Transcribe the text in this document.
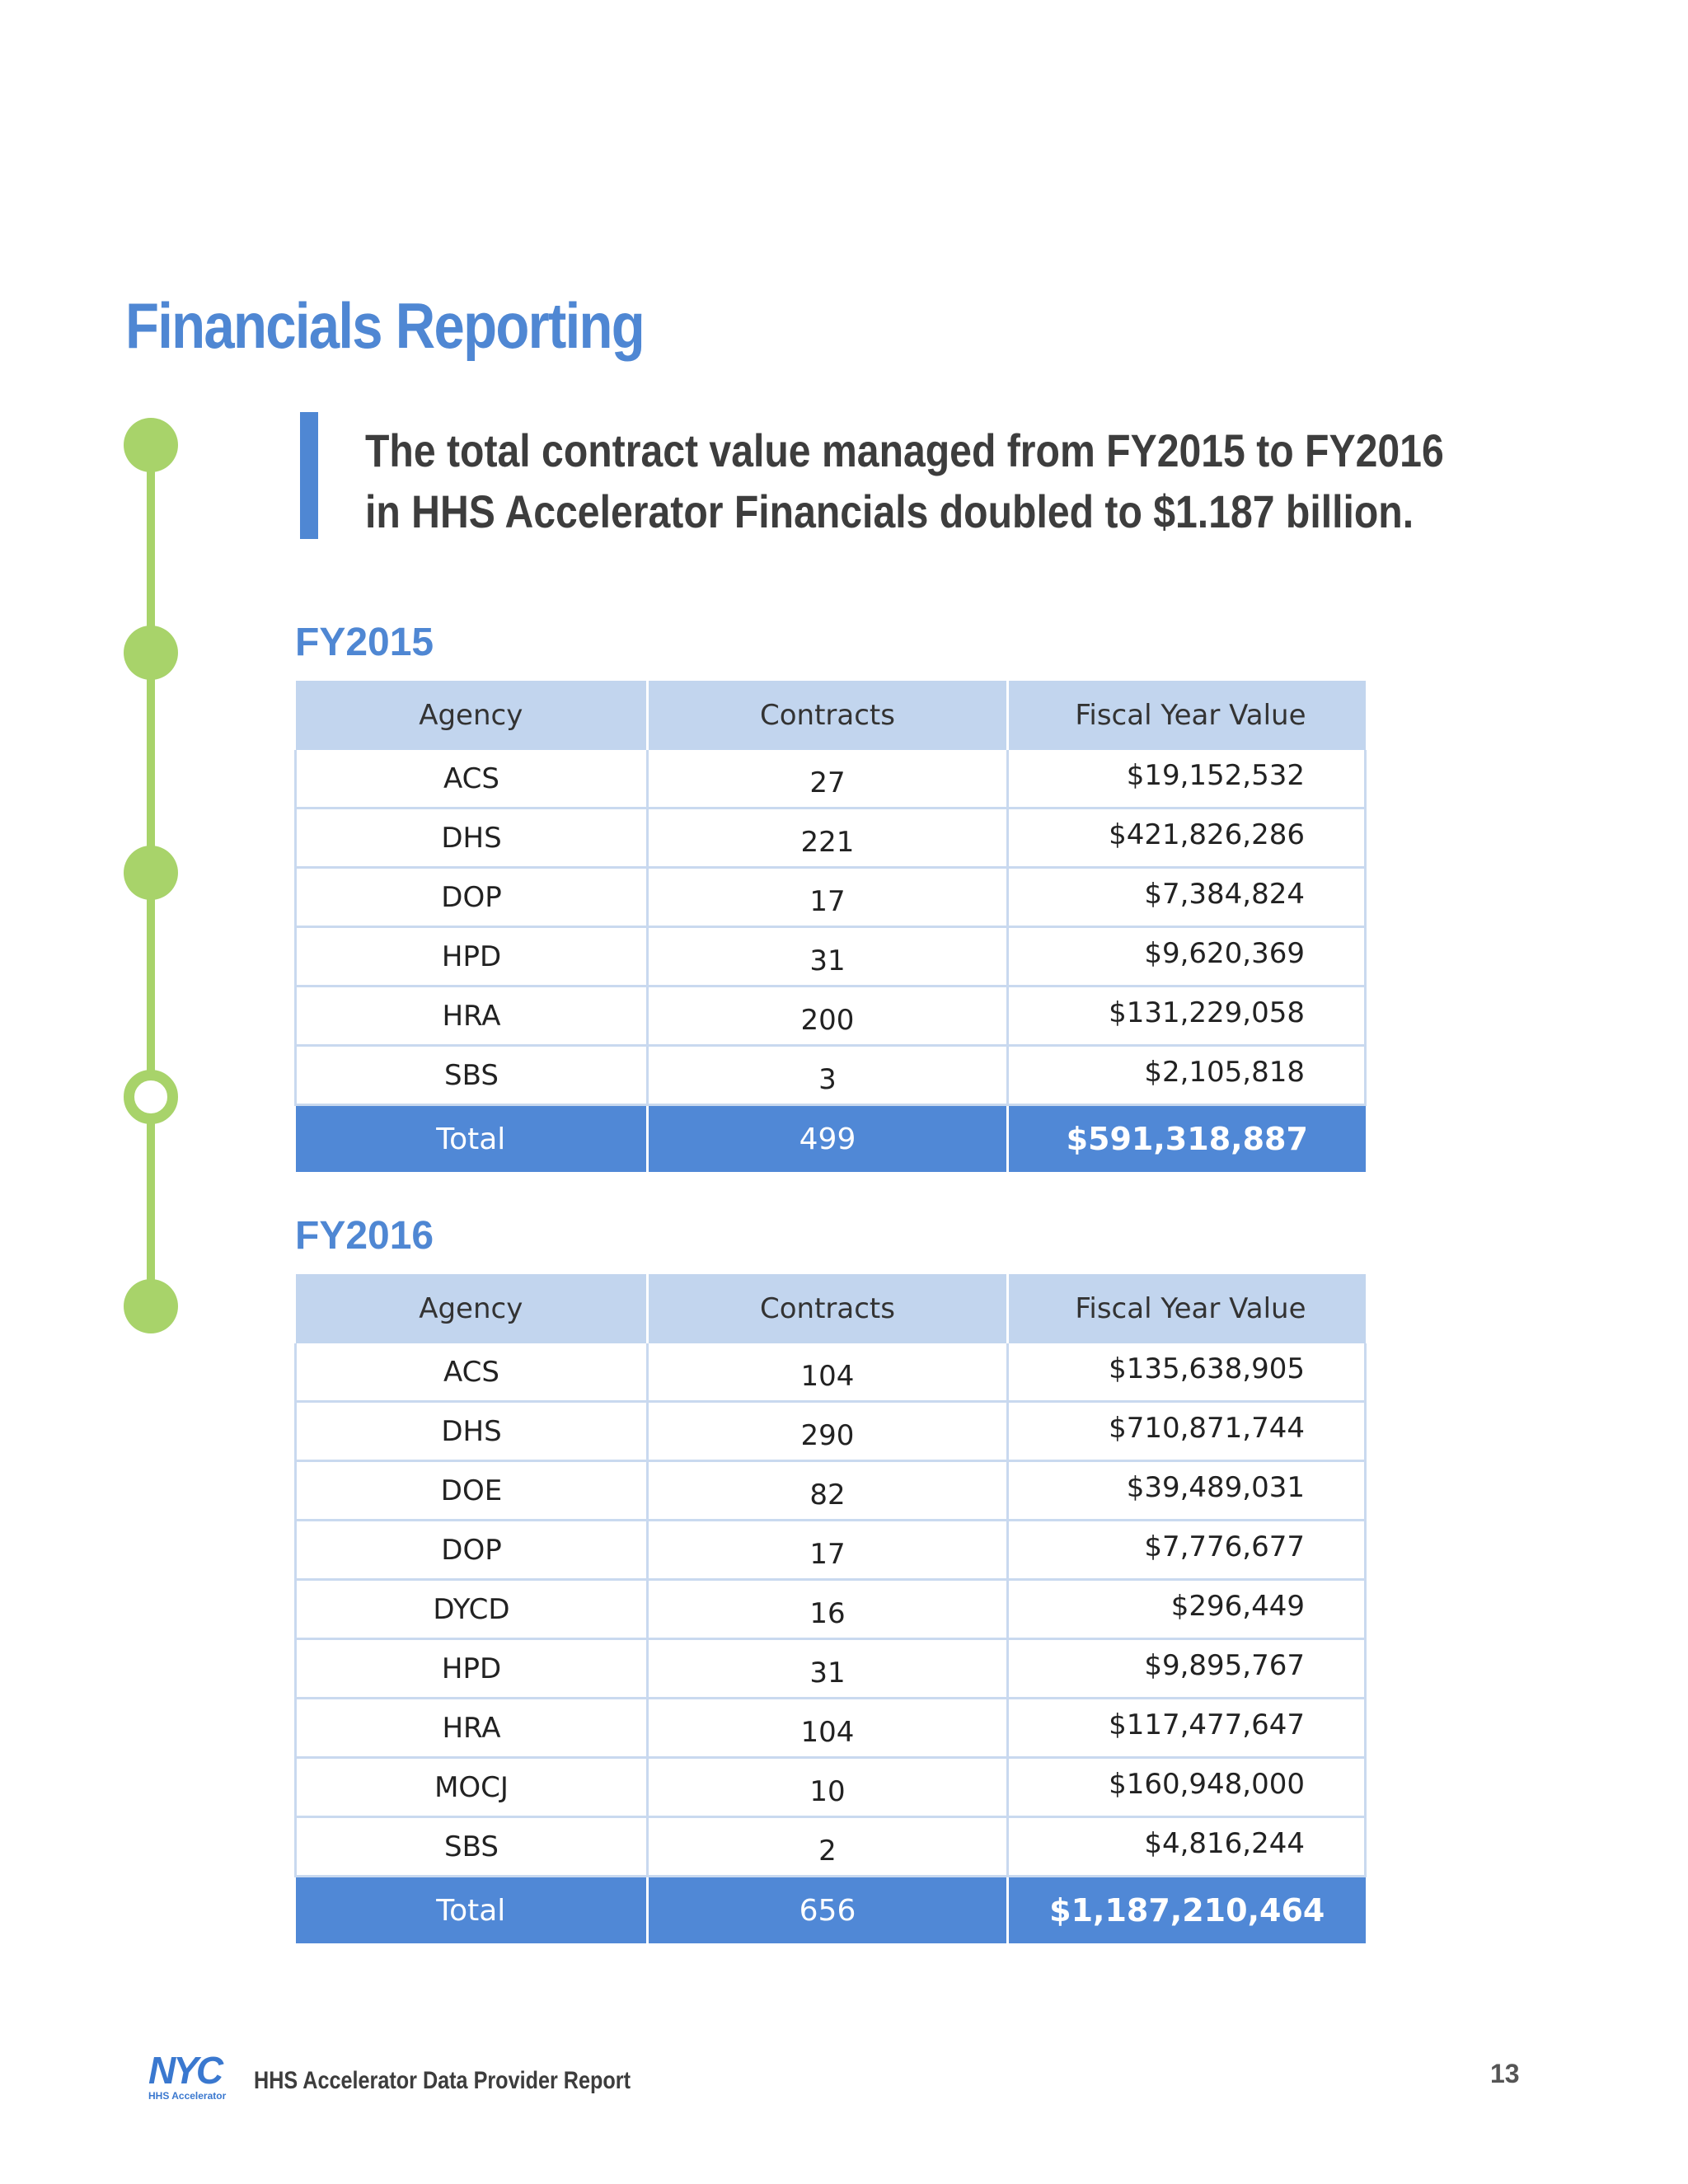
Financials Reporting

The total contract value managed from FY2015 to FY2016
in HHS Accelerator Financials doubled to $1.187 billion.

FY2015
Agency	Contracts	Fiscal Year Value
ACS	27	$19,152,532
DHS	221	$421,826,286
DOP	17	$7,384,824
HPD	31	$9,620,369
HRA	200	$131,229,058
SBS	3	$2,105,818
Total	499	$591,318,887
FY2016
Agency	Contracts	Fiscal Year Value
ACS	104	$135,638,905
DHS	290	$710,871,744
DOE	82	$39,489,031
DOP	17	$7,776,677
DYCD	16	$296,449
HPD	31	$9,895,767
HRA	104	$117,477,647
MOCJ	10	$160,948,000
SBS	2	$4,816,244
Total	656	$1,187,210,464
NYC
HHS Accelerator
HHS Accelerator Data Provider Report	13
